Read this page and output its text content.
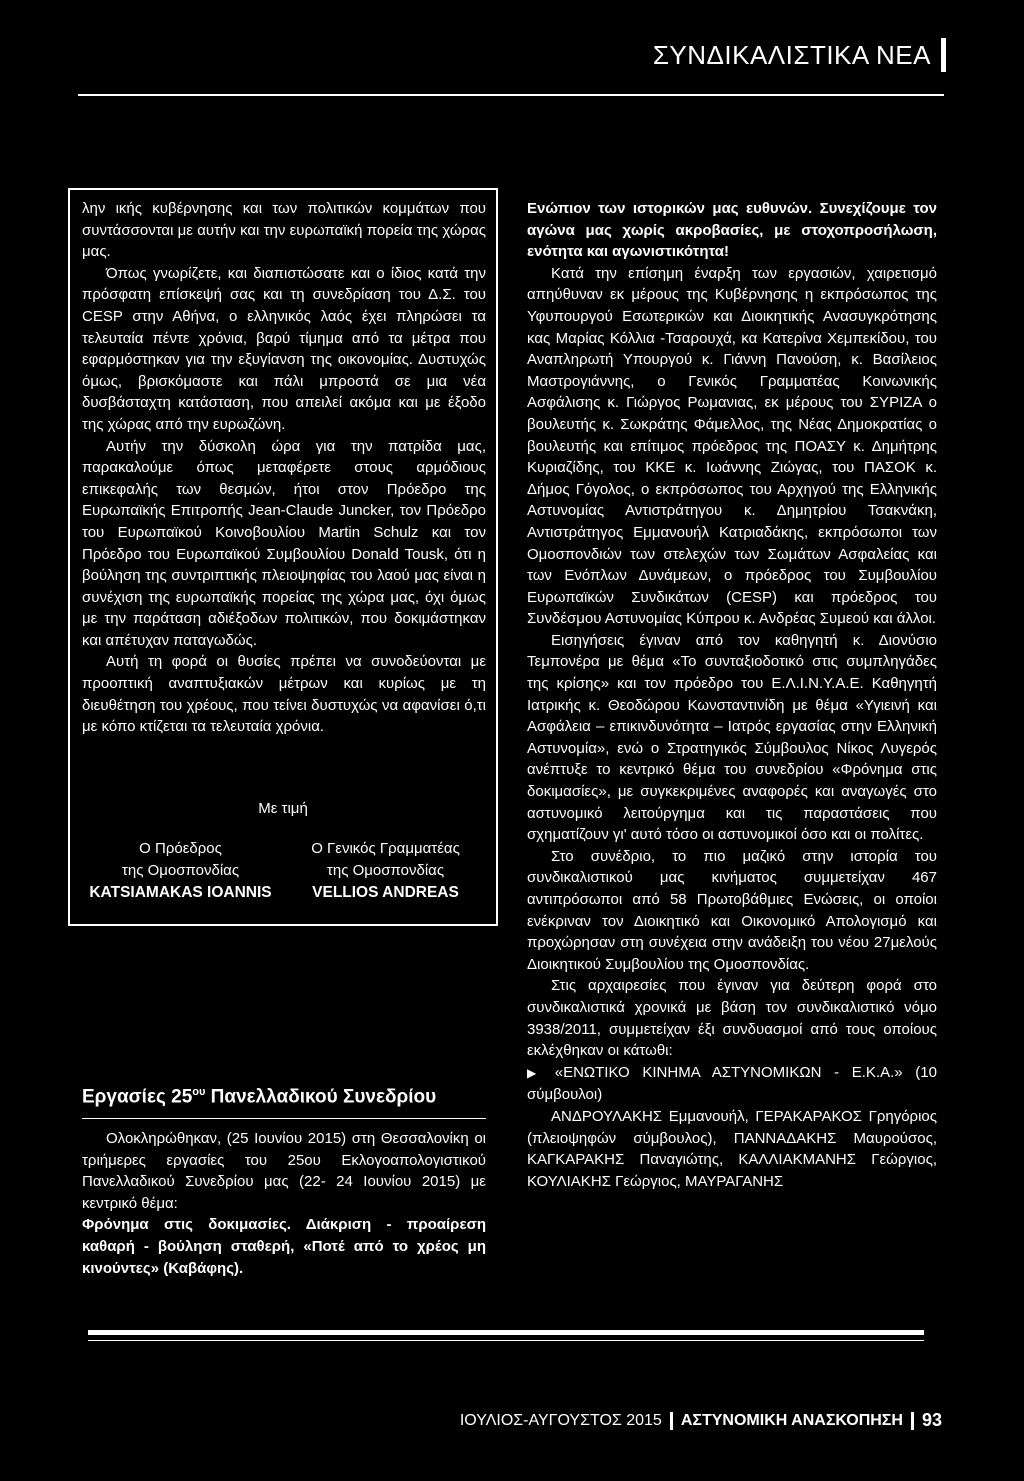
ΣΥΝΔΙΚΑΛΙΣΤΙΚΑ ΝΕΑ

λην ικής κυβέρνησης και των πολιτικών κομμάτων που συντάσσονται με αυτήν και την ευρωπαϊκή πορεία της χώρας μας.

Όπως γνωρίζετε, και διαπιστώσατε και ο ίδιος κατά την πρόσφατη επίσκεψή σας και τη συνεδρίαση του Δ.Σ. του CESP στην Αθήνα, ο ελληνικός λαός έχει πληρώσει τα τελευταία πέντε χρόνια, βαρύ τίμημα από τα μέτρα που εφαρμόστηκαν για την εξυγίανση της οικονομίας. Δυστυχώς όμως, βρισκόμαστε και πάλι μπροστά σε μια νέα δυσβάσταχτη κατάσταση, που απειλεί ακόμα και με έξοδο της χώρας από την ευρωζώνη.

Αυτήν την δύσκολη ώρα για την πατρίδα μας, παρακαλούμε όπως μεταφέρετε στους αρμόδιους επικεφαλής των θεσμών, ήτοι στον Πρόεδρο της Ευρωπαϊκής Επιτροπής Jean-Claude Juncker, τον Πρόεδρο του Ευρωπαϊκού Κοινοβουλίου Martin Schulz και τον Πρόεδρο του Ευρωπαϊκού Συμβουλίου Donald Tousk, ότι η βούληση της συντριπτικής πλειοψηφίας του λαού μας είναι η συνέχιση της ευρωπαϊκής πορείας της χώρα μας, όχι όμως με την παράταση αδιέξοδων πολιτικών, που δοκιμάστηκαν και απέτυχαν παταγωδώς.

Αυτή τη φορά οι θυσίες πρέπει να συνοδεύονται με προοπτική αναπτυξιακών μέτρων και κυρίως με τη διευθέτηση του χρέους, που τείνει δυστυχώς να αφανίσει ό,τι με κόπο κτίζεται τα τελευταία χρόνια.

Με τιμή
Ο Πρόεδρος
της Ομοσπονδίας
KATSIAMAKAS IOANNIS
Ο Γενικός Γραμματέας
της Ομοσπονδίας
VELLIOS ANDREAS
Εργασίες $25^{o\upsilon}$ Πανελλαδικού Συνεδρίου

Ολοκληρώθηκαν, (25 Ιουνίου 2015) στη Θεσσαλονίκη οι τριήμερες εργασίες του 25ου Εκλογοαπολογιστικού Πανελλαδικού Συνεδρίου μας (22- 24 Ιουνίου 2015) με κεντρικό θέμα:

Φρόνημα στις δοκιμασίες. Διάκριση - προαίρεση καθαρή - βούληση σταθερή, «Ποτέ από το χρέος μη κινούντες» (Καβάφης).

Ενώπιον των ιστορικών μας ευθυνών. Συνεχίζουμε τον αγώνα μας χωρίς ακροβασίες, με στοχοπροσήλωση, ενότητα και αγωνιστικότητα!

Κατά την επίσημη έναρξη των εργασιών, χαιρετισμό απηύθυναν εκ μέρους της Κυβέρνησης η εκπρόσωπος της Υφυπουργού Εσωτερικών και Διοικητικής Ανασυγκρότησης κας Μαρίας Κόλλια -Τσαρουχά, κα Κατερίνα Χεμπεκίδου, του Αναπληρωτή Υπουργού κ. Γιάννη Πανούση, κ. Βασίλειος Μαστρογιάννης, ο Γενικός Γραμματέας Κοινωνικής Ασφάλισης κ. Γιώργος Ρωμανιας, εκ μέρους του ΣΥΡΙΖΑ ο βουλευτής κ. Σωκράτης Φάμελλος, της Νέας Δημοκρατίας ο βουλευτής και επίτιμος πρόεδρος της ΠΟΑΣΥ κ. Δημήτρης Κυριαζίδης, του ΚΚΕ κ. Ιωάννης Ζιώγας, του ΠΑΣΟΚ κ. Δήμος Γόγολος, ο εκπρόσωπος του Αρχηγού της Ελληνικής Αστυνομίας Αντιστράτηγου κ. Δημητρίου Τσακνάκη, Αντιστράτηγος Εμμανουήλ Κατριαδάκης, εκπρόσωποι των Ομοσπονδιών των στελεχών των Σωμάτων Ασφαλείας και των Ενόπλων Δυνάμεων, ο πρόεδρος του Συμβουλίου Ευρωπαϊκών Συνδικάτων (CESP) και πρόεδρος του Συνδέσμου Αστυνομίας Κύπρου κ. Ανδρέας Συμεού και άλλοι.

Εισηγήσεις έγιναν από τον καθηγητή κ. Διονύσιο Τεμπονέρα με θέμα «Το συνταξιοδοτικό στις συμπληγάδες της κρίσης» και τον πρόεδρο του Ε.Λ.Ι.Ν.Υ.Α.Ε. Καθηγητή Ιατρικής κ. Θεοδώρου Κωνσταντινίδη με θέμα «Υγιεινή και Ασφάλεια – επικινδυνότητα – Ιατρός εργασίας στην Ελληνική Αστυνομία», ενώ ο Στρατηγικός Σύμβουλος Νίκος Λυγερός ανέπτυξε το κεντρικό θέμα του συνεδρίου «Φρόνημα στις δοκιμασίες», με συγκεκριμένες αναφορές και αναγωγές στο αστυνομικό λειτούργημα και τις παραστάσεις που σχηματίζουν γι' αυτό τόσο οι αστυνομικοί όσο και οι πολίτες.

Στο συνέδριο, το πιο μαζικό στην ιστορία του συνδικαλιστικού μας κινήματος συμμετείχαν 467 αντιπρόσωποι από 58 Πρωτοβάθμιες Ενώσεις, οι οποίοι ενέκριναν τον Διοικητικό και Οικονομικό Απολογισμό και προχώρησαν στη συνέχεια στην ανάδειξη του νέου 27μελούς Διοικητικού Συμβουλίου της Ομοσπονδίας.

Στις αρχαιρεσίες που έγιναν για δεύτερη φορά στο συνδικαλιστικά χρονικά με βάση τον συνδικαλιστικό νόμο 3938/2011, συμμετείχαν έξι συνδυασμοί από τους οποίους εκλέχθηκαν οι κάτωθι:

▶ «ΕΝΩΤΙΚΟ ΚΙΝΗΜΑ ΑΣΤΥΝΟΜΙΚΩΝ - Ε.Κ.Α.» (10 σύμβουλοι)

ΑΝΔΡΟΥΛΑΚΗΣ Εμμανουήλ, ΓΕΡΑΚΑΡΑΚΟΣ Γρηγόριος (πλειοψηφών σύμβουλος), ΠΑΝΝΑΔΑΚΗΣ Μαυρούσος, ΚΑΓΚΑΡΑΚΗΣ Παναγιώτης, ΚΑΛΛΙΑΚΜΑΝΗΣ Γεώργιος, ΚΟΥΛΙΑΚΗΣ Γεώργιος, ΜΑΥΡΑΓΑΝΗΣ

ΙΟΥΛΙΟΣ-ΑΥΓΟΥΣΤΟΣ 2015 ΑΣΤΥΝΟΜΙΚΗ ΑΝΑΣΚΟΠΗΣΗ 93
